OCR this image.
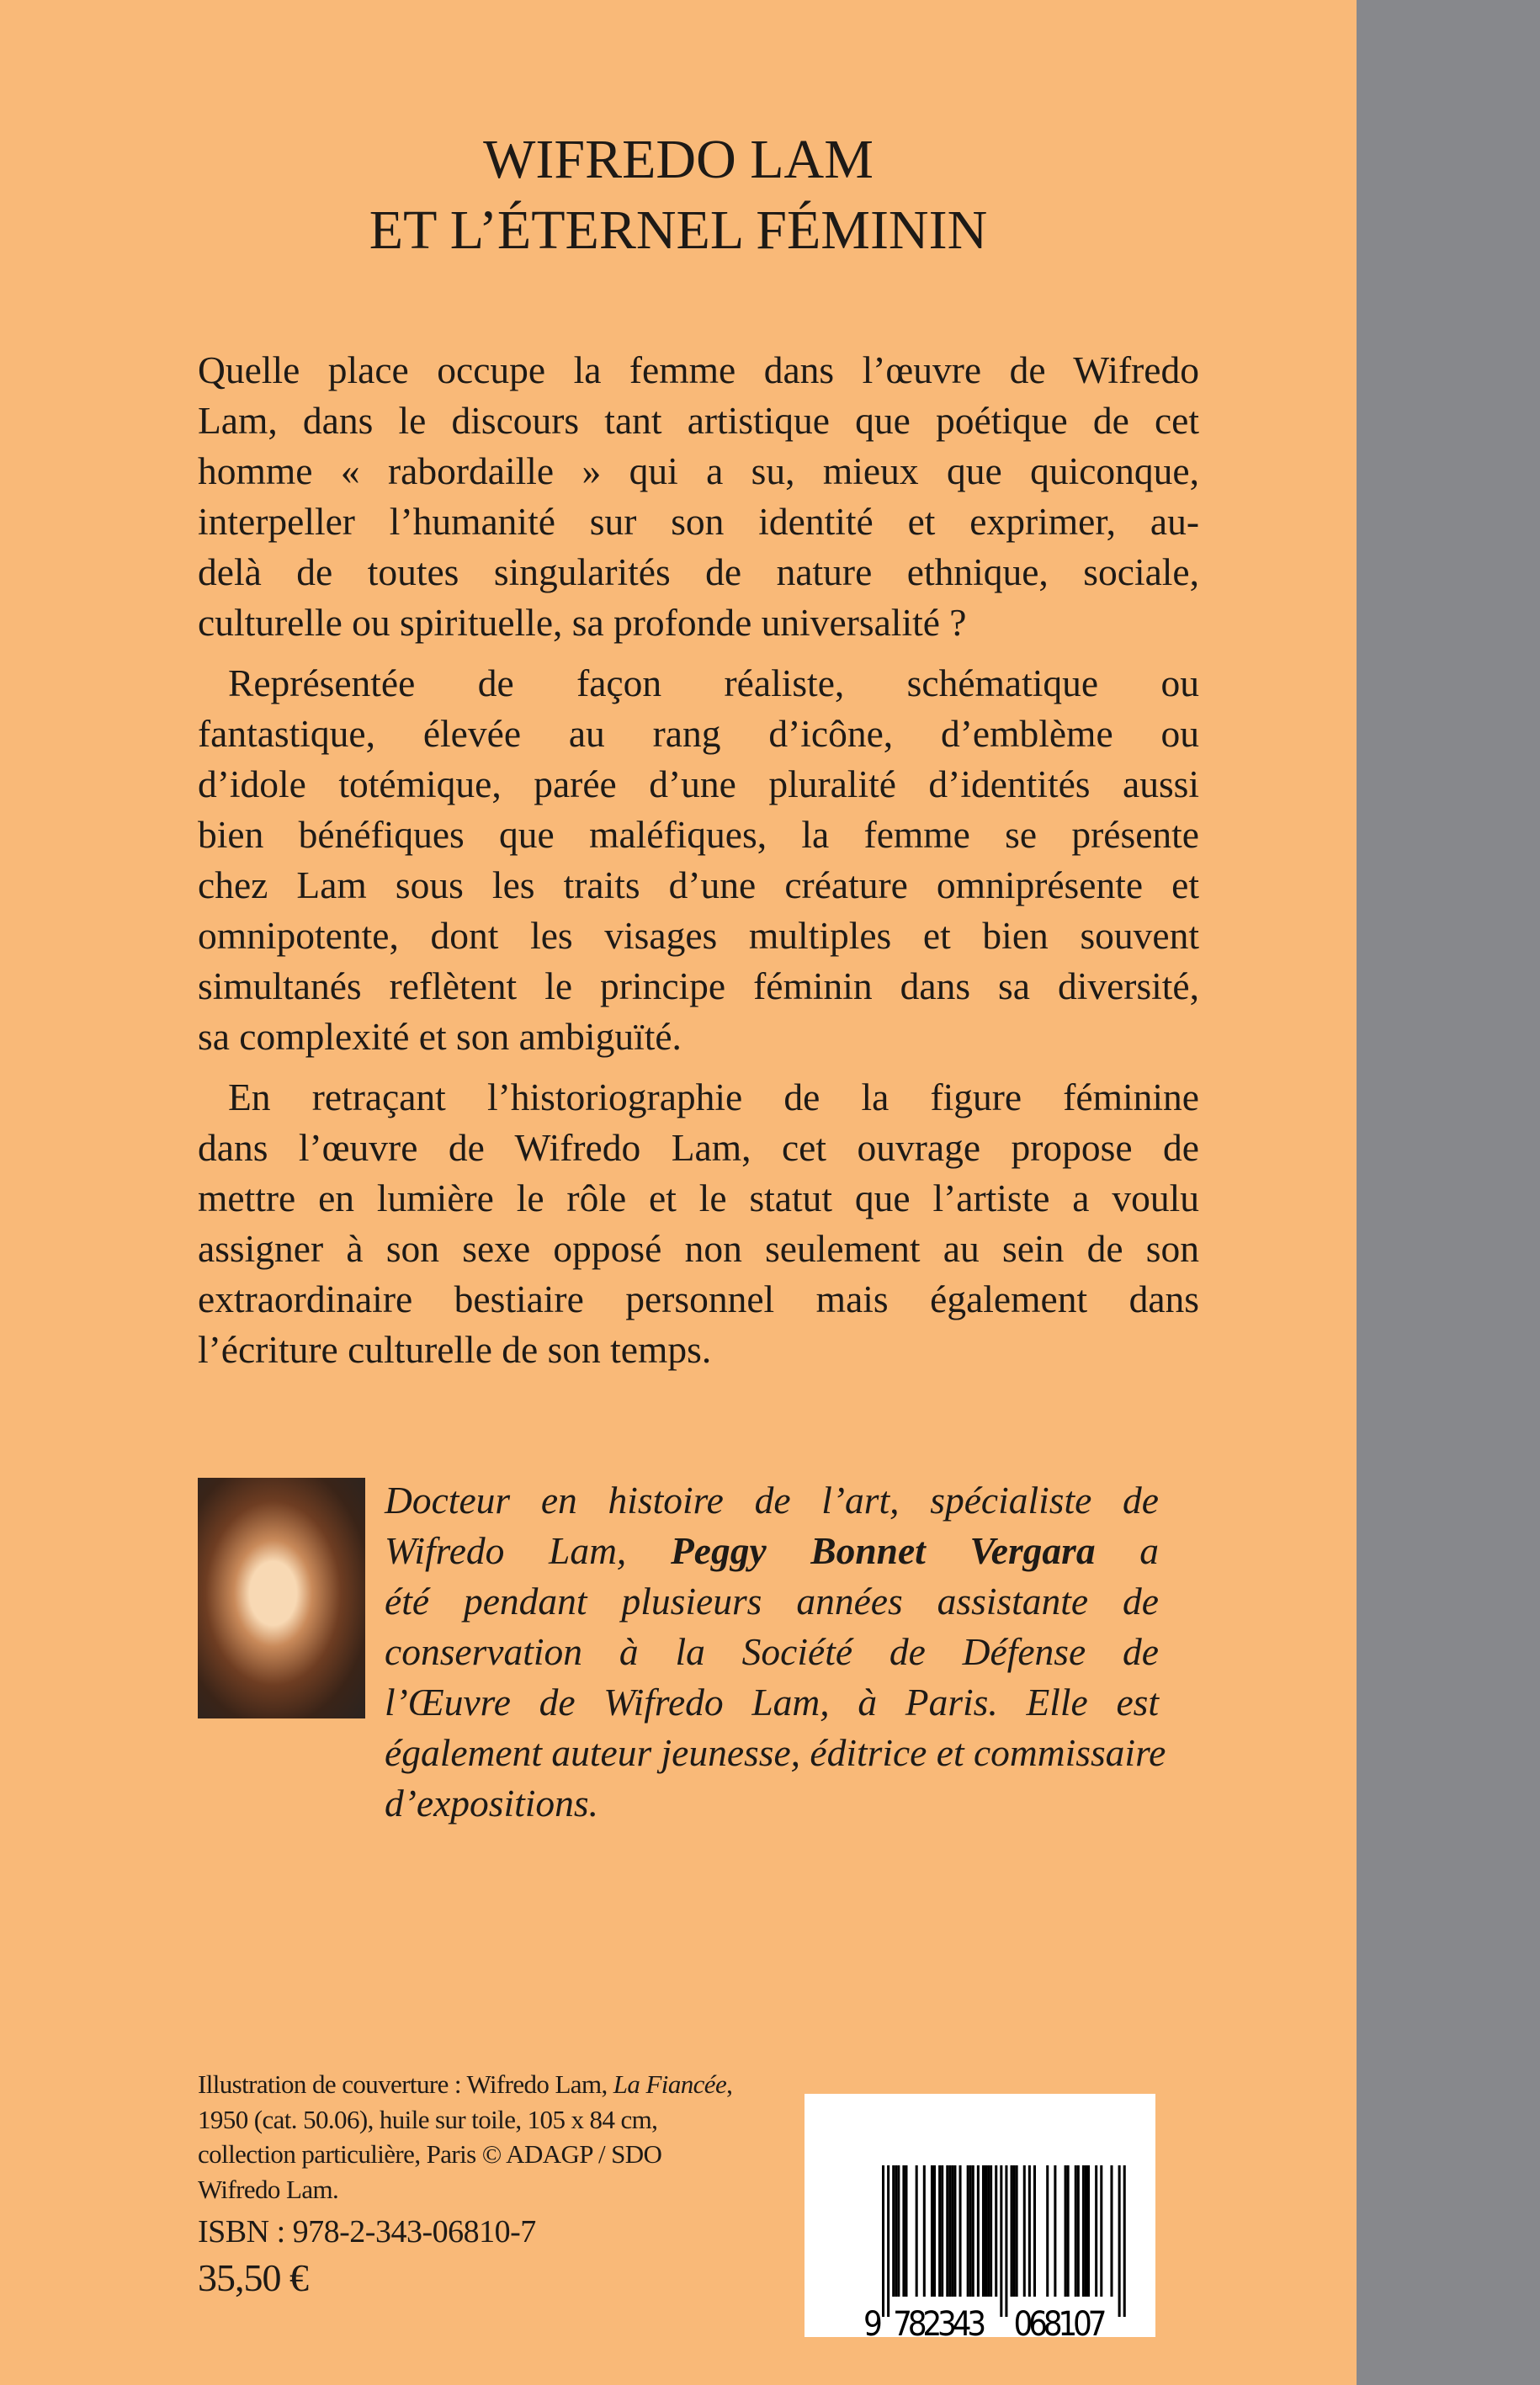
WIFREDO LAM
ET L’ÉTERNEL FÉMININ
Quelle place occupe la femme dans l’œuvre de Wifredo
Lam, dans le discours tant artistique que poétique de cet
homme « rabordaille » qui a su, mieux que quiconque,
interpeller l’humanité sur son identité et exprimer, au-
delà de toutes singularités de nature ethnique, sociale,
culturelle ou spirituelle, sa profonde universalité ?
Représentée de façon réaliste, schématique ou
fantastique, élevée au rang d’icône, d’emblème ou
d’idole totémique, parée d’une pluralité d’identités aussi
bien bénéfiques que maléfiques, la femme se présente
chez Lam sous les traits d’une créature omniprésente et
omnipotente, dont les visages multiples et bien souvent
simultanés reflètent le principe féminin dans sa diversité,
sa complexité et son ambiguïté.
En retraçant l’historiographie de la figure féminine
dans l’œuvre de Wifredo Lam, cet ouvrage propose de
mettre en lumière le rôle et le statut que l’artiste a voulu
assigner à son sexe opposé non seulement au sein de son
extraordinaire bestiaire personnel mais également dans
l’écriture culturelle de son temps.
Docteur en histoire de l’art, spécialiste de
Wifredo Lam, Peggy Bonnet Vergara a
été pendant plusieurs années assistante de
conservation à la Société de Défense de
l’Œuvre de Wifredo Lam, à Paris. Elle est
également auteur jeunesse, éditrice et commissaire
d’expositions.
Illustration de couverture : Wifredo Lam, La Fiancée,
1950 (cat. 50.06), huile sur toile, 105 x 84 cm,
collection particulière, Paris © ADAGP / SDO
Wifredo Lam.
ISBN : 978-2-343-06810-7
35,50 €
9 782343 068107
